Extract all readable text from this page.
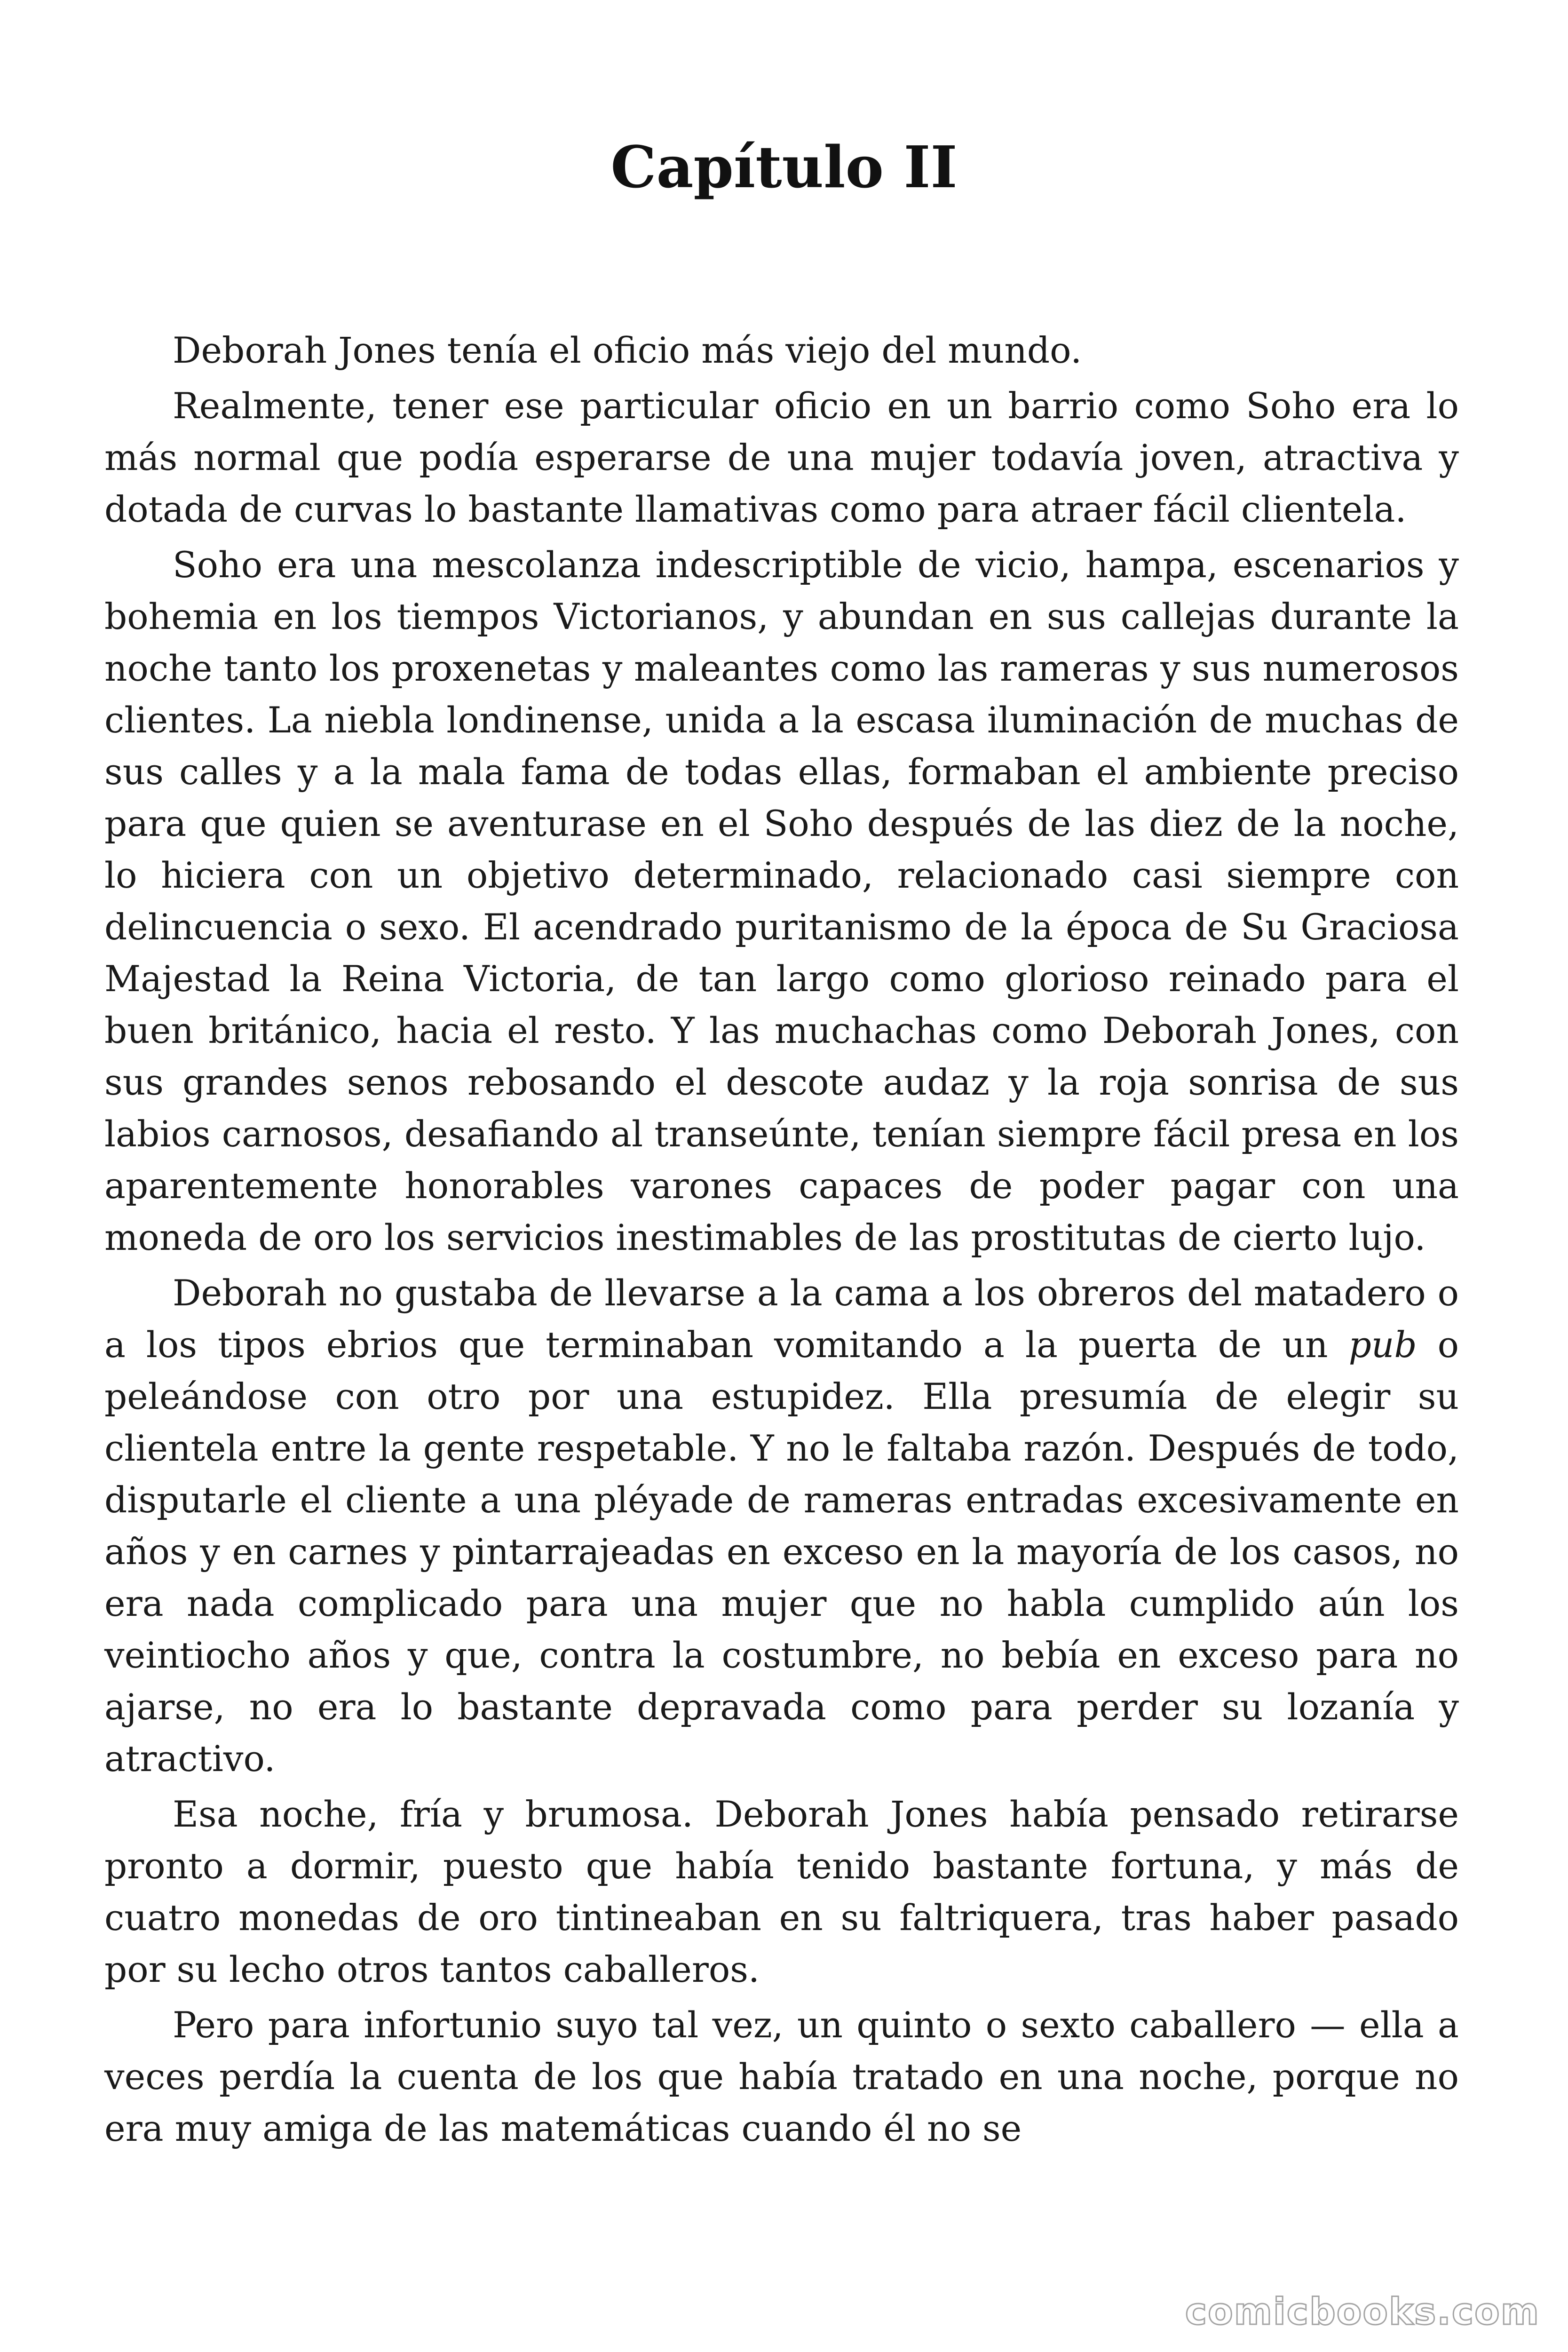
Capítulo II

Deborah Jones tenía el oficio más viejo del mundo.

Realmente, tener ese particular oficio en un barrio como Soho era lo más normal que podía esperarse de una mujer todavía joven, atractiva y dotada de curvas lo bastante llamativas como para atraer fácil clientela.

Soho era una mescolanza indescriptible de vicio, hampa, escenarios y bohemia en los tiempos Victorianos, y abundan en sus callejas durante la noche tanto los proxenetas y maleantes como las rameras y sus numerosos clientes. La niebla londinense, unida a la escasa iluminación de muchas de sus calles y a la mala fama de todas ellas, formaban el ambiente preciso para que quien se aventurase en el Soho después de las diez de la noche, lo hiciera con un objetivo determinado, relacionado casi siempre con delincuencia o sexo. El acendrado puritanismo de la época de Su Graciosa Majestad la Reina Victoria, de tan largo como glorioso reinado para el buen británico, hacia el resto. Y las muchachas como Deborah Jones, con sus grandes senos rebosando el descote audaz y la roja sonrisa de sus labios carnosos, desafiando al transeúnte, tenían siempre fácil presa en los aparentemente honorables varones capaces de poder pagar con una moneda de oro los servicios inestimables de las prostitutas de cierto lujo.

Deborah no gustaba de llevarse a la cama a los obreros del matadero o a los tipos ebrios que terminaban vomitando a la puerta de un pub o peleándose con otro por una estupidez. Ella presumía de elegir su clientela entre la gente respetable. Y no le faltaba razón. Después de todo, disputarle el cliente a una pléyade de rameras entradas excesivamente en años y en carnes y pintarrajeadas en exceso en la mayoría de los casos, no era nada complicado para una mujer que no habla cumplido aún los veintiocho años y que, contra la costumbre, no bebía en exceso para no ajarse, no era lo bastante depravada como para perder su lozanía y atractivo.

Esa noche, fría y brumosa. Deborah Jones había pensado retirarse pronto a dormir, puesto que había tenido bastante fortuna, y más de cuatro monedas de oro tintineaban en su faltriquera, tras haber pasado por su lecho otros tantos caballeros.

Pero para infortunio suyo tal vez, un quinto o sexto caballero — ella a veces perdía la cuenta de los que había tratado en una noche, porque no era muy amiga de las matemáticas cuando él no se

comicbooks.com
